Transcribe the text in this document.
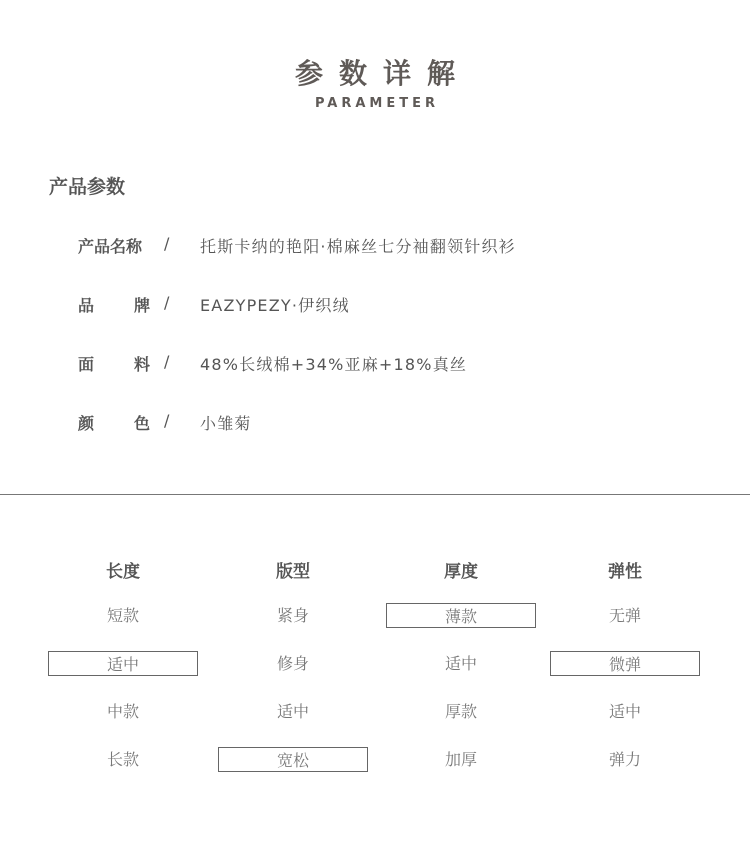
参数详解
PARAMETER
产品参数
产品名称 / 托斯卡纳的艳阳·棉麻丝七分袖翻领针织衫
品 牌 / EAZYPEZY·伊织绒
面 料 / 48%长绒棉+34%亚麻+18%真丝
颜 色 / 小雏菊
长度
短款
适中
中款
长款
版型
紧身
修身
适中
宽松
厚度
薄款
适中
厚款
加厚
弹性
无弹
微弹
适中
弹力
